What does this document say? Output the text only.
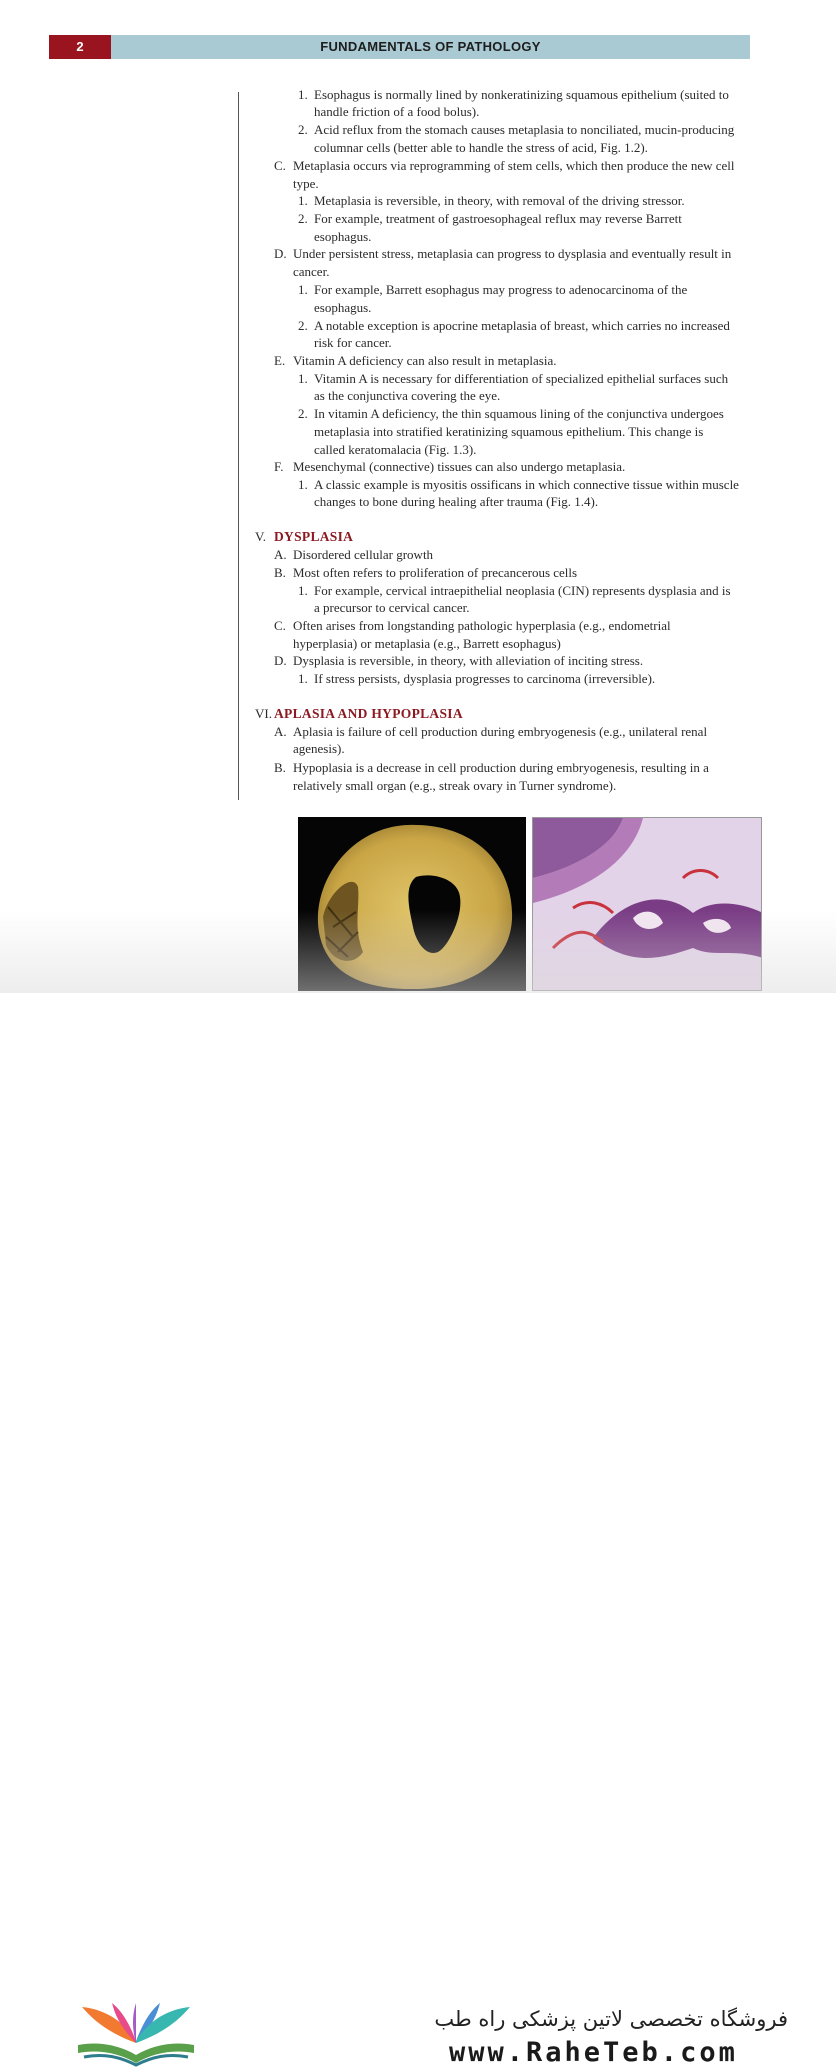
2	FUNDAMENTALS OF PATHOLOGY
1. Esophagus is normally lined by nonkeratinizing squamous epithelium (suited to
handle friction of a food bolus).
2. Acid reflux from the stomach causes metaplasia to nonciliated, mucin-producing
columnar cells (better able to handle the stress of acid, Fig. 1.2).
C. Metaplasia occurs via reprogramming of stem cells, which then produce the new cell
type.
1. Metaplasia is reversible, in theory, with removal of the driving stressor.
2. For example, treatment of gastroesophageal reflux may reverse Barrett
esophagus.
D. Under persistent stress, metaplasia can progress to dysplasia and eventually result in
cancer.
1. For example, Barrett esophagus may progress to adenocarcinoma of the
esophagus.
2. A notable exception is apocrine metaplasia of breast, which carries no increased
risk for cancer.
E. Vitamin A deficiency can also result in metaplasia.
1. Vitamin A is necessary for differentiation of specialized epithelial surfaces such
as the conjunctiva covering the eye.
2. In vitamin A deficiency, the thin squamous lining of the conjunctiva undergoes
metaplasia into stratified keratinizing squamous epithelium. This change is
called keratomalacia (Fig. 1.3).
F. Mesenchymal (connective) tissues can also undergo metaplasia.
1. A classic example is myositis ossificans in which connective tissue within muscle
changes to bone during healing after trauma (Fig. 1.4).
V. DYSPLASIA
A. Disordered cellular growth
B. Most often refers to proliferation of precancerous cells
1. For example, cervical intraepithelial neoplasia (CIN) represents dysplasia and is
a precursor to cervical cancer.
C. Often arises from longstanding pathologic hyperplasia (e.g., endometrial
hyperplasia) or metaplasia (e.g., Barrett esophagus)
D. Dysplasia is reversible, in theory, with alleviation of inciting stress.
1. If stress persists, dysplasia progresses to carcinoma (irreversible).
VI. APLASIA AND HYPOPLASIA
A. Aplasia is failure of cell production during embryogenesis (e.g., unilateral renal
agenesis).
B. Hypoplasia is a decrease in cell production during embryogenesis, resulting in a
relatively small organ (e.g., streak ovary in Turner syndrome).
فروشگاه تخصصی لاتین پزشکی راه طب
www.RaheTeb.com
